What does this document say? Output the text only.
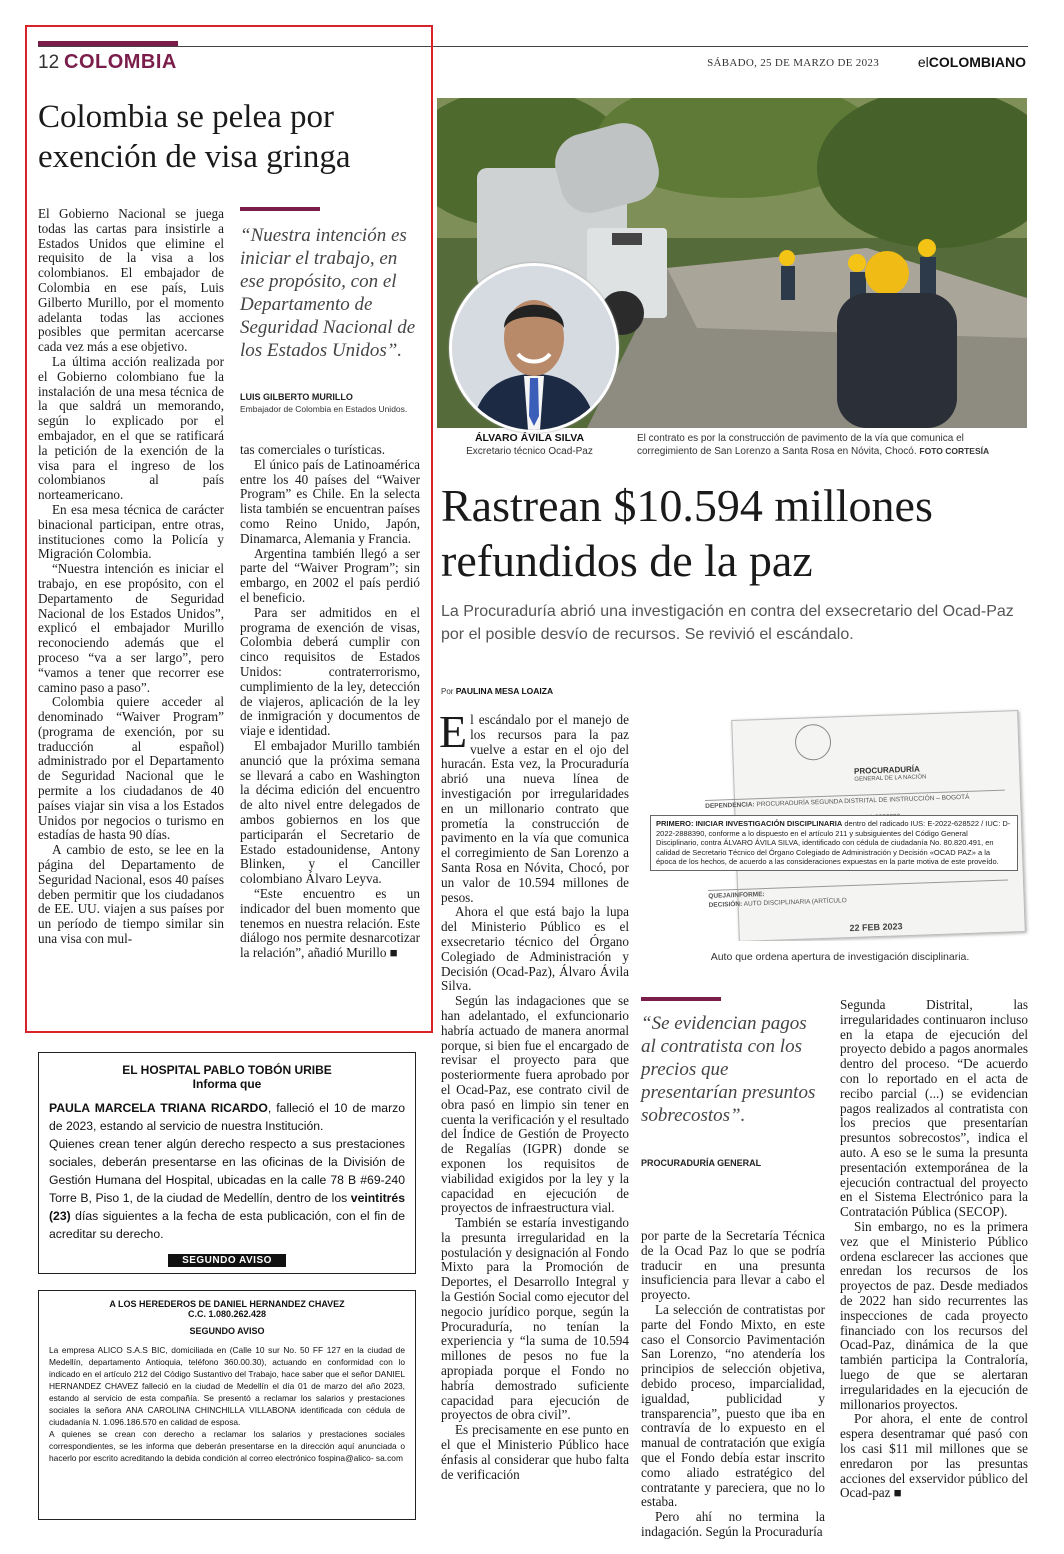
12 COLOMBIA	SÁBADO, 25 DE MARZO DE 2023	elCOLOMBIANO
Colombia se pelea por exención de visa gringa

El Gobierno Nacional se juega todas las cartas para insistirle a Estados Unidos que elimine el requisito de la visa a los colombianos. El embajador de Colombia en ese país, Luis Gilberto Murillo, por el momento adelanta todas las acciones posibles que permitan acercarse cada vez más a ese objetivo.

La última acción realizada por el Gobierno colombiano fue la instalación de una mesa técnica de la que saldrá un memorando, según lo explicado por el embajador, en el que se ratificará la petición de la exención de la visa para el ingreso de los colombianos al país norteamericano.

En esa mesa técnica de carácter binacional participan, entre otras, instituciones como la Policía y Migración Colombia.

“Nuestra intención es iniciar el trabajo, en ese propósito, con el Departamento de Seguridad Nacional de los Estados Unidos”, explicó el embajador Murillo reconociendo además que el proceso “va a ser largo”, pero “vamos a tener que recorrer ese camino paso a paso”.

Colombia quiere acceder al denominado “Waiver Program” (programa de exención, por su traducción al español) administrado por el Departamento de Seguridad Nacional que le permite a los ciudadanos de 40 países viajar sin visa a los Estados Unidos por negocios o turismo en estadías de hasta 90 días.

A cambio de esto, se lee en la página del Departamento de Seguridad Nacional, esos 40 países deben permitir que los ciudadanos de EE. UU. viajen a sus países por un período de tiempo similar sin una visa con mul-

“Nuestra intención es iniciar el trabajo, en ese propósito, con el Departamento de Seguridad Nacional de los Estados Unidos”.
LUIS GILBERTO MURILLO
Embajador de Colombia en Estados Unidos.

tas comerciales o turísticas.

El único país de Latinoamérica entre los 40 países del “Waiver Program” es Chile. En la selecta lista también se encuentran países como Reino Unido, Japón, Dinamarca, Alemania y Francia.

Argentina también llegó a ser parte del “Waiver Program”; sin embargo, en 2002 el país perdió el beneficio.

Para ser admitidos en el programa de exención de visas, Colombia deberá cumplir con cinco requisitos de Estados Unidos: contraterrorismo, cumplimiento de la ley, detección de viajeros, aplicación de la ley de inmigración y documentos de viaje e identidad.

El embajador Murillo también anunció que la próxima semana se llevará a cabo en Washington la décima edición del encuentro de alto nivel entre delegados de ambos gobiernos en los que participarán el Secretario de Estado estadounidense, Antony Blinken, y el Canciller colombiano Álvaro Leyva.

“Este encuentro es un indicador del buen momento que tenemos en nuestra relación. Este diálogo nos permite desnarcotizar la relación”, añadió Murillo ■

ÁLVARO ÁVILA SILVA
Excretario técnico Ocad-Paz
El contrato es por la construcción de pavimento de la vía que comunica el corregimiento de San Lorenzo a Santa Rosa en Nóvita, Chocó. FOTO CORTESÍA
Rastrean $10.594 millones refundidos de la paz
La Procuraduría abrió una investigación en contra del exsecretario del Ocad-Paz por el posible desvío de recursos. Se revivió el escándalo.
Por PAULINA MESA LOAIZA

El escándalo por el manejo de los recursos para la paz vuelve a estar en el ojo del huracán. Esta vez, la Procuraduría abrió una nueva línea de investigación por irregularidades en un millonario contrato que prometía la construcción de pavimento en la vía que comunica el corregimiento de San Lorenzo a Santa Rosa en Nóvita, Chocó, por un valor de 10.594 millones de pesos.

Ahora el que está bajo la lupa del Ministerio Público es el exsecretario técnico del Órgano Colegiado de Administración y Decisión (Ocad-Paz), Álvaro Ávila Silva.

Según las indagaciones que se han adelantado, el exfuncionario habría actuado de manera anormal porque, si bien fue el encargado de revisar el proyecto para que posteriormente fuera aprobado por el Ocad-Paz, ese contrato civil de obra pasó en limpio sin tener en cuenta la verificación y el resultado del Índice de Gestión de Proyecto de Regalías (IGPR) donde se exponen los requisitos de viabilidad exigidos por la ley y la capacidad en ejecución de proyectos de infraestructura vial.

También se estaría investigando la presunta irregularidad en la postulación y designación al Fondo Mixto para la Promoción de Deportes, el Desarrollo Integral y la Gestión Social como ejecutor del negocio jurídico porque, según la Procuraduría, no tenían la experiencia y “la suma de 10.594 millones de pesos no fue la apropiada porque el Fondo no habría demostrado suficiente capacidad para ejecución de proyectos de obra civil”.

Es precisamente en ese punto en el que el Ministerio Público hace énfasis al considerar que hubo falta de verificación

PROCURADURÍA
GENERAL DE LA NACIÓN
DEPENDENCIA: PROCURADURÍA SEGUNDA DISTRITAL DE INSTRUCCIÓN – BOGOTÁ
QUEJA/INFORME:
DECISIÓN: AUTO DISCIPLINARIA (ARTÍCULO
22 FEB 2023
PRIMERO: INICIAR INVESTIGACIÓN DISCIPLINARIA dentro del radicado IUS: E-2022-628522 / IUC: D-2022-2888390, conforme a lo dispuesto en el artículo 211 y subsiguientes del Código General Disciplinario, contra ÁLVARO ÁVILA SILVA, identificado con cédula de ciudadanía No. 80.820.491, en calidad de Secretario Técnico del Órgano Colegiado de Administración y Decisión «OCAD PAZ» a la época de los hechos, de acuerdo a las consideraciones expuestas en la parte motiva de este proveído.
Auto que ordena apertura de investigación disciplinaria.
“Se evidencian pagos al contratista con los precios que presentarían presuntos sobrecostos”.
PROCURADURÍA GENERAL

por parte de la Secretaría Técnica de la Ocad Paz lo que se podría traducir en una presunta insuficiencia para llevar a cabo el proyecto.

La selección de contratistas por parte del Fondo Mixto, en este caso el Consorcio Pavimentación San Lorenzo, “no atendería los principios de selección objetiva, debido proceso, imparcialidad, igualdad, publicidad y transparencia”, puesto que iba en contravía de lo expuesto en el manual de contratación que exigía que el Fondo debía estar inscrito como aliado estratégico del contratante y pareciera, que no lo estaba.

Pero ahí no termina la indagación. Según la Procuraduría

Segunda Distrital, las irregularidades continuaron incluso en la etapa de ejecución del proyecto debido a pagos anormales dentro del proceso. “De acuerdo con lo reportado en el acta de recibo parcial (...) se evidencian pagos realizados al contratista con los precios que presentarían presuntos sobrecostos”, indica el auto. A eso se le suma la presunta presentación extemporánea de la ejecución contractual del proyecto en el Sistema Electrónico para la Contratación Pública (SECOP).

Sin embargo, no es la primera vez que el Ministerio Público ordena esclarecer las acciones que enredan los recursos de los proyectos de paz. Desde mediados de 2022 han sido recurrentes las inspecciones de cada proyecto financiado con los recursos del Ocad-Paz, dinámica de la que también participa la Contraloría, luego de que se alertaran irregularidades en la ejecución de millonarios proyectos.

Por ahora, el ente de control espera desentramar qué pasó con los casi $11 mil millones que se enredaron por las presuntas acciones del exservidor público del Ocad-paz ■

EL HOSPITAL PABLO TOBÓN URIBE
Informa que
PAULA MARCELA TRIANA RICARDO, falleció el 10 de marzo de 2023, estando al servicio de nuestra Institución.
Quienes crean tener algún derecho respecto a sus prestaciones sociales, deberán presentarse en las oficinas de la División de Gestión Humana del Hospital, ubicadas en la calle 78 B #69-240 Torre B, Piso 1, de la ciudad de Medellín, dentro de los veintitrés (23) días siguientes a la fecha de esta publicación, con el fin de acreditar su derecho.
SEGUNDO AVISO
A LOS HEREDEROS DE DANIEL HERNANDEZ CHAVEZ
C.C. 1.080.262.428
SEGUNDO AVISO
La empresa ALICO S.A.S BIC, domiciliada en (Calle 10 sur No. 50 FF 127 en la ciudad de Medellín, departamento Antioquia, teléfono 360.00.30), actuando en conformidad con lo indicado en el artículo 212 del Código Sustantivo del Trabajo, hace saber que el señor DANIEL HERNANDEZ CHAVEZ falleció en la ciudad de Medellín el día 01 de marzo del año 2023, estando al servicio de esta compañía. Se presentó a reclamar los salarios y prestaciones sociales la señora ANA CAROLINA CHINCHILLA VILLABONA identificada con cédula de ciudadanía N. 1.096.186.570 en calidad de esposa.
A quienes se crean con derecho a reclamar los salarios y prestaciones sociales correspondientes, se les informa que deberán presentarse en la dirección aquí anunciada o hacerlo por escrito acreditando la debida condición al correo electrónico fospina@alico- sa.com
